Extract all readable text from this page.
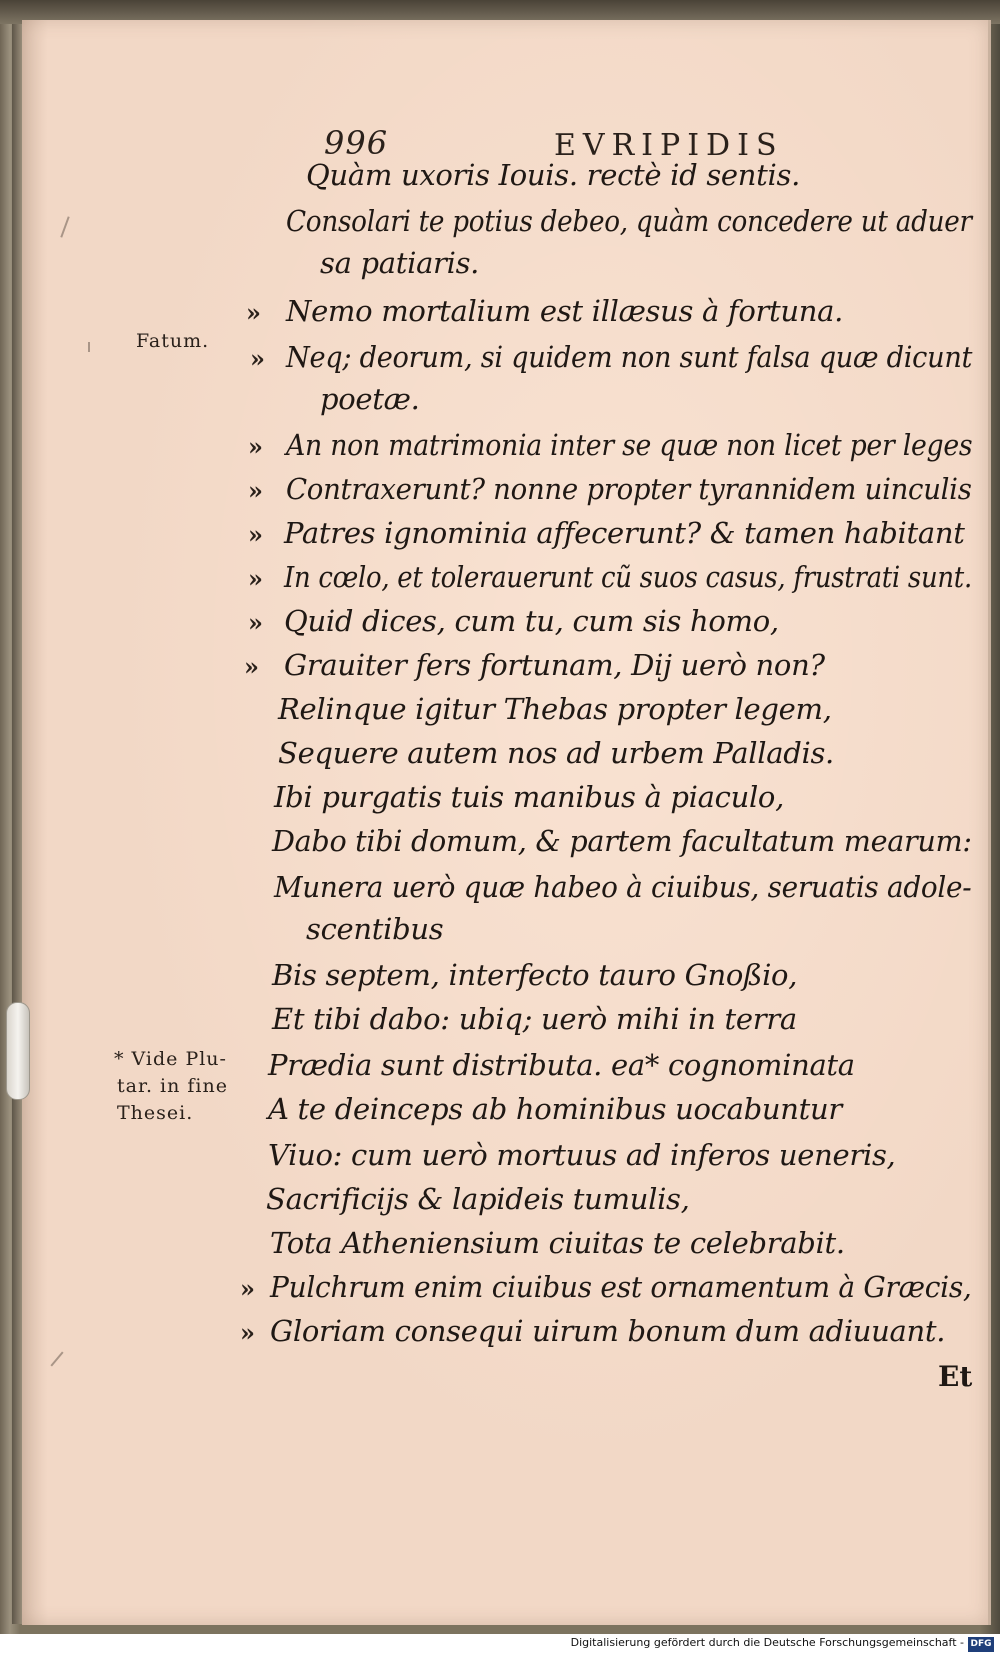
996	EVRIPIDIS
Fatum.
* Vide Plu-
tar. in fine
Thesei.
Quàm uxoris Iouis. rectè id sentis.
Consolari te potius debeo, quàm concedere ut aduer
sa patiaris.
» Nemo mortalium est illæsus à fortuna.
» Neq; deorum, si quidem non sunt falsa quæ dicunt
poetæ.
» An non matrimonia inter se quæ non licet per leges
» Contraxerunt? nonne propter tyrannidem uinculis
» Patres ignominia affecerunt? & tamen habitant
» In cœlo, et tolerauerunt cũ suos casus, frustrati sunt.
» Quid dices, cum tu, cum sis homo,
» Grauiter fers fortunam, Dij uerò non?
Relinque igitur Thebas propter legem,
Sequere autem nos ad urbem Palladis.
Ibi purgatis tuis manibus à piaculo,
Dabo tibi domum, & partem facultatum mearum:
Munera uerò quæ habeo à ciuibus, seruatis adole-
scentibus
Bis septem, interfecto tauro Gnoßio,
Et tibi dabo: ubiq; uerò mihi in terra
Prædia sunt distributa. ea* cognominata
A te deinceps ab hominibus uocabuntur
Viuo: cum uerò mortuus ad inferos ueneris,
Sacrificijs & lapideis tumulis,
Tota Atheniensium ciuitas te celebrabit.
» Pulchrum enim ciuibus est ornamentum à Græcis,
» Gloriam consequi uirum bonum dum adiuuant.
Et
Digitalisierung gefördert durch die Deutsche Forschungsgemeinschaft - DFG
